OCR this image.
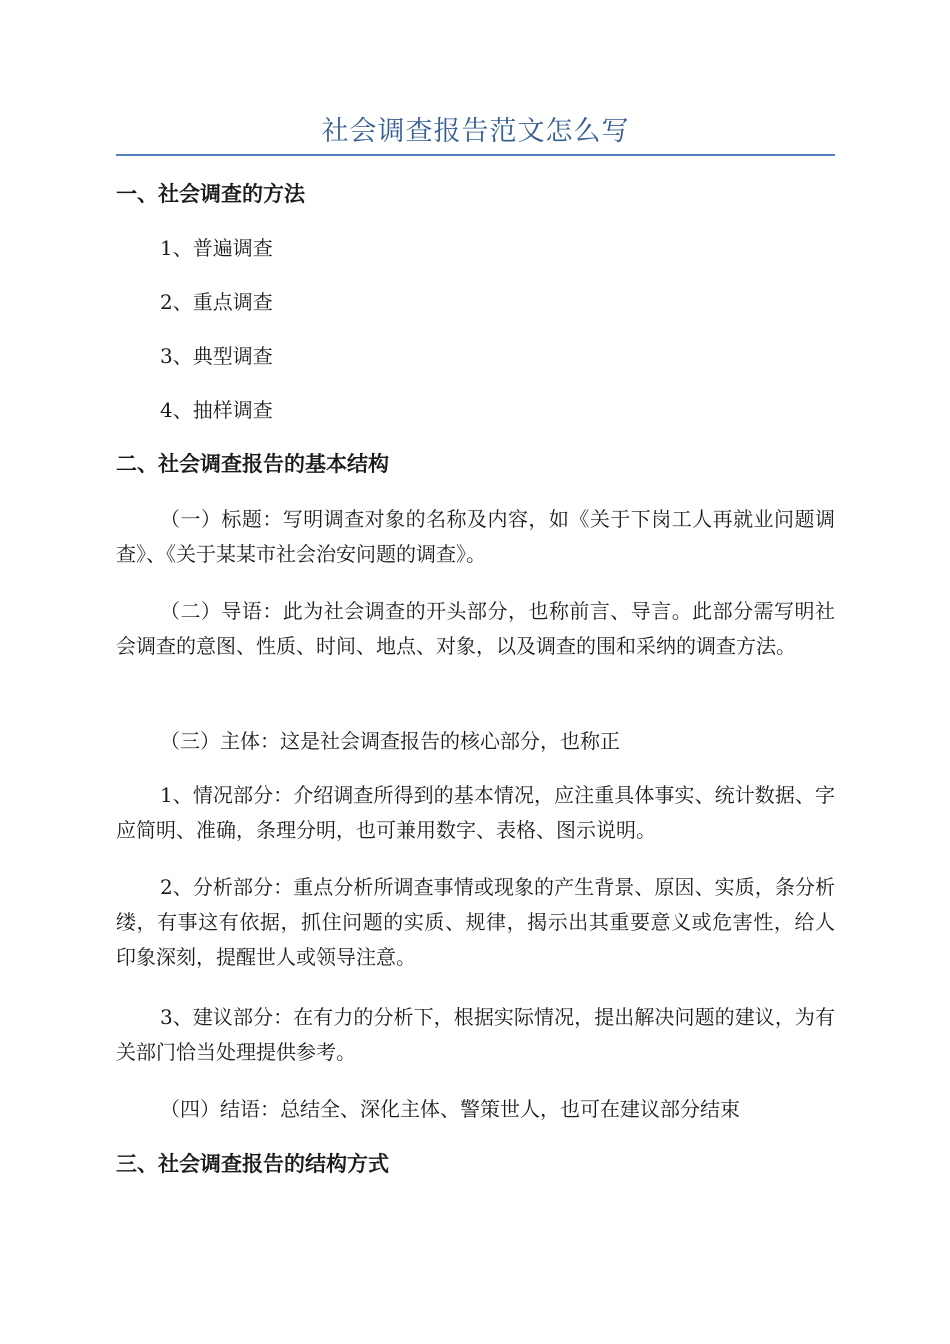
社会调查报告范文怎么写
一、社会调查的方法
1、普遍调查
2、重点调查
3、典型调查
4、抽样调查
二、社会调查报告的基本结构
（一）标题：写明调查对象的名称及内容，如《关于下岗工人再就业问题调查》、《关于某某市社会治安问题的调查》。
（二）导语：此为社会调查的开头部分，也称前言、导言。此部分需写明社会调查的意图、性质、时间、地点、对象，以及调查的围和采纳的调查方法。
（三）主体：这是社会调查报告的核心部分，也称正
1、情况部分：介绍调查所得到的基本情况，应注重具体事实、统计数据、字应简明、准确，条理分明，也可兼用数字、表格、图示说明。
2、分析部分：重点分析所调查事情或现象的产生背景、原因、实质，条分析缕，有事这有依据，抓住问题的实质、规律，揭示出其重要意义或危害性，给人印象深刻，提醒世人或领导注意。
3、建议部分：在有力的分析下，根据实际情况，提出解决问题的建议，为有关部门恰当处理提供参考。
（四）结语：总结全、深化主体、警策世人，也可在建议部分结束
三、社会调查报告的结构方式
